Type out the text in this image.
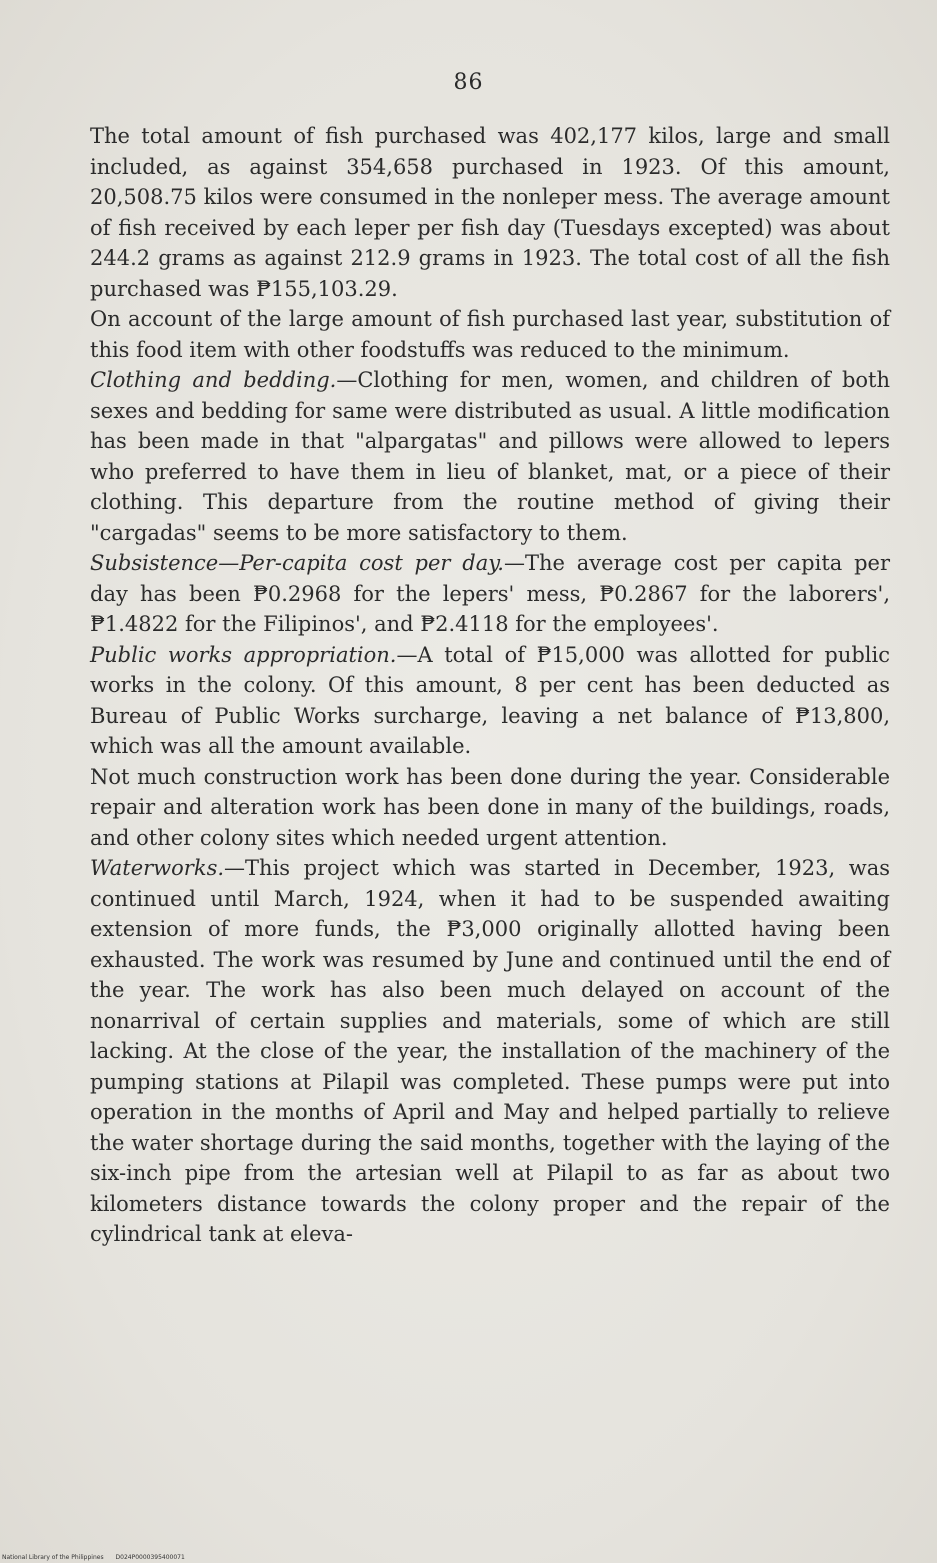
86

The total amount of fish purchased was 402,177 kilos, large and small included, as against 354,658 purchased in 1923. Of this amount, 20,508.75 kilos were consumed in the nonleper mess. The average amount of fish received by each leper per fish day (Tuesdays excepted) was about 244.2 grams as against 212.9 grams in 1923. The total cost of all the fish purchased was ₱155,103.29.

On account of the large amount of fish purchased last year, substitution of this food item with other foodstuffs was reduced to the minimum.

Clothing and bedding.—Clothing for men, women, and children of both sexes and bedding for same were distributed as usual. A little modification has been made in that "alpargatas" and pillows were allowed to lepers who preferred to have them in lieu of blanket, mat, or a piece of their clothing. This departure from the routine method of giving their "cargadas" seems to be more satisfactory to them.

Subsistence—Per-capita cost per day.—The average cost per capita per day has been ₱0.2968 for the lepers' mess, ₱0.2867 for the laborers', ₱1.4822 for the Filipinos', and ₱2.4118 for the employees'.

Public works appropriation.—A total of ₱15,000 was allotted for public works in the colony. Of this amount, 8 per cent has been deducted as Bureau of Public Works surcharge, leaving a net balance of ₱13,800, which was all the amount available.

Not much construction work has been done during the year. Considerable repair and alteration work has been done in many of the buildings, roads, and other colony sites which needed urgent attention.

Waterworks.—This project which was started in December, 1923, was continued until March, 1924, when it had to be suspended awaiting extension of more funds, the ₱3,000 originally allotted having been exhausted. The work was resumed by June and continued until the end of the year. The work has also been much delayed on account of the nonarrival of certain supplies and materials, some of which are still lacking. At the close of the year, the installation of the machinery of the pumping stations at Pilapil was completed. These pumps were put into operation in the months of April and May and helped partially to relieve the water shortage during the said months, together with the laying of the six-inch pipe from the artesian well at Pilapil to as far as about two kilometers distance towards the colony proper and the repair of the cylindrical tank at eleva-

National Library of the Philippines D024P0000395400071
